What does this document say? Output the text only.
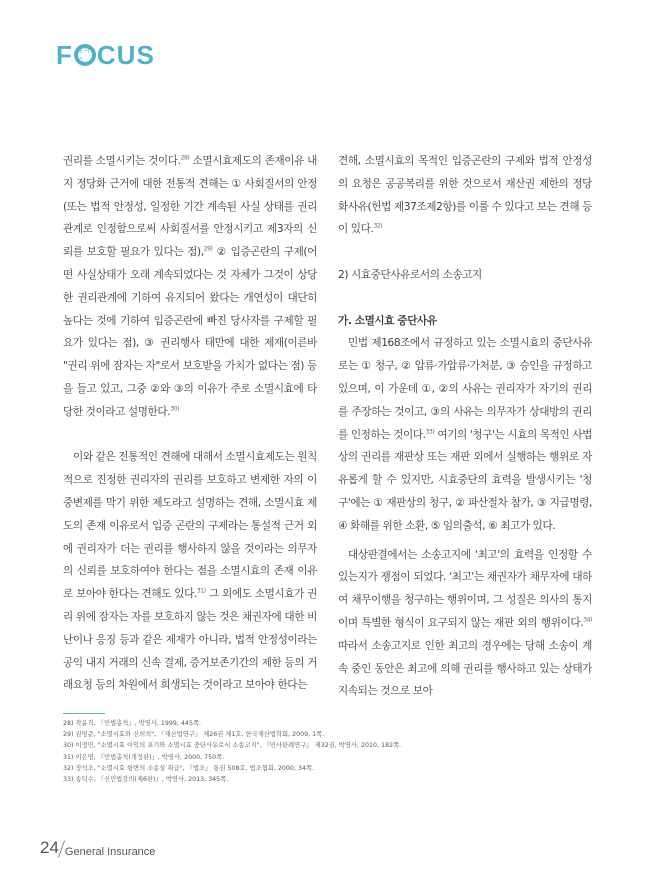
F 포커스 CUS

권리를 소멸시키는 것이다.$^{28)}$ 소멸시효제도의 존재이유 내지 정당화 근거에 대한 전통적 견해는 ① 사회질서의 안정(또는 법적 안정성, 일정한 기간 계속된 사실 상태를 권리관계로 인정함으로써 사회질서를 안정시키고 제3자의 신뢰를 보호할 필요가 있다는 점),$^{29)}$ ② 입증곤란의 구제(어떤 사실상태가 오래 계속되었다는 것 자체가 그것이 상당한 권리관계에 기하여 유지되어 왔다는 개연성이 대단히 높다는 것에 기하여 입증곤란에 빠진 당사자를 구제할 필요가 있다는 점), ③ 권리행사 태만에 대한 제재(이른바 "권리 위에 잠자는 자"로서 보호받을 가치가 없다는 점) 등을 들고 있고, 그중 ②와 ③의 이유가 주로 소멸시효에 타당한 것이라고 설명한다.$^{30)}$

이와 같은 전통적인 견해에 대해서 소멸시효제도는 원칙적으로 진정한 권리자의 권리를 보호하고 변제한 자의 이중변제를 막기 위한 제도라고 설명하는 견해, 소멸시효 제도의 존재 이유로서 입증 곤란의 구제라는 통설적 근거 외에 권리자가 더는 권리를 행사하지 않을 것이라는 의무자의 신뢰를 보호하여야 한다는 점을 소멸시효의 존재 이유로 보아야 한다는 견해도 있다.$^{31)}$ 그 외에도 소멸시효가 권리 위에 잠자는 자를 보호하지 않는 것은 채권자에 대한 비난이나 응징 등과 같은 제재가 아니라, 법적 안정성이라는 공익 내지 거래의 신속 결제, 증거보존기간의 제한 등의 거래요청 등의 차원에서 희생되는 것이라고 보아야 한다는

견해, 소멸시효의 목적인 입증곤란의 구제와 법적 안정성의 요청은 공공복리를 위한 것으로서 재산권 제한의 정당화사유(헌법 제37조제2항)를 이룰 수 있다고 보는 견해 등이 있다.$^{32)}$

2) 시효중단사유로서의 소송고지
가. 소멸시효 중단사유

민법 제168조에서 규정하고 있는 소멸시효의 중단사유로는 ① 청구, ② 압류·가압류·가처분, ③ 승인을 규정하고 있으며, 이 가운데 ①, ②의 사유는 권리자가 자기의 권리를 주장하는 것이고, ③의 사유는 의무자가 상대방의 권리를 인정하는 것이다.$^{33)}$ 여기의 '청구'는 시효의 목적인 사법상의 권리를 재판상 또는 재판 외에서 실행하는 행위로 자유롭게 할 수 있지만, 시효중단의 효력을 발생시키는 '청구'에는 ① 재판상의 청구, ② 파산절차 참가, ③ 지급명령, ④ 화해를 위한 소환, ⑤ 임의출석, ⑥ 최고가 있다.

대상판결에서는 소송고지에 '최고'의 효력을 인정할 수 있는지가 쟁점이 되었다. '최고'는 채권자가 채무자에 대하여 채무이행을 청구하는 행위이며, 그 성질은 의사의 통지이며 특별한 형식이 요구되지 않는 재판 외의 행위이다.$^{34)}$ 따라서 소송고지로 인한 최고의 경우에는 당해 소송이 계속 중인 동안은 최고에 의해 권리를 행사하고 있는 상태가 지속되는 것으로 보아

28) 곽윤직, 『민법총칙』, 박영사, 1999, 445쪽.
29) 권영준, "소멸시효와 신의칙", 『재산법연구』 제26권 제1호, 한국재산법학회, 2009, 1쪽.
30) 이정민, "소멸시효 이익의 포기와 소멸시효 중단사유로서 소송고지", 『민사판례연구』 제32권, 박영사, 2010, 182쪽.
31) 이은영, 『민법총칙(개정판)』, 박영사, 2000, 750쪽.
32) 장석조, "소멸시효 항변의 소송상 취급", 『법조』 통권 508호, 법조협회, 2000, 34쪽.
33) 송덕수, 『신민법강의(제6판)』, 박영사, 2013, 345쪽.
24 General Insurance
